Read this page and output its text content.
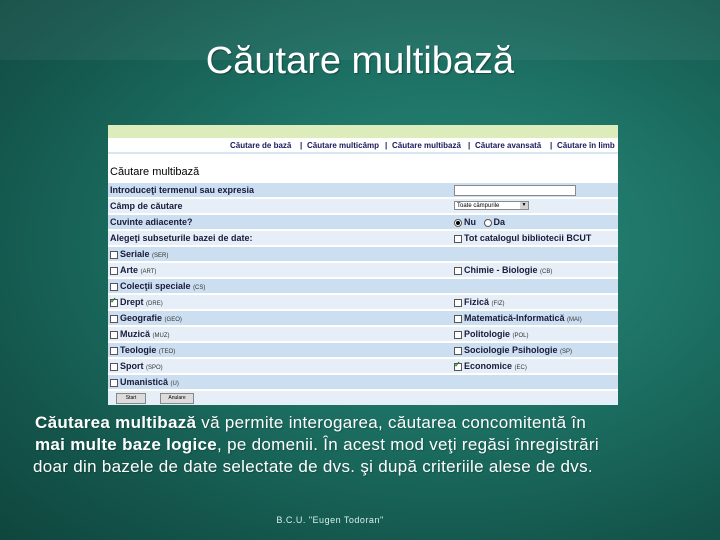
Căutare multibază
Căutare de bază | Căutare multicâmp | Căutare multibază | Căutare avansată | Căutare în limb
Căutare multibază
Introduceţi termenul sau expresia
Câmp de căutare	Toate câmpurile	▼
Cuvinte adiacente?	Nu Da
Alegeţi subseturile bazei de date:	Tot catalogul bibliotecii BCUT
Seriale (SER)
Arte (ART)	Chimie - Biologie (CB)
Colecţii speciale (CS)
✓Drept (DRE)	Fizică (FIZ)
Geografie (GEO)	Matematică-Informatică (MAI)
Muzică (MUZ)	Politologie (POL)
Teologie (TEO)	Sociologie Psihologie (SP)
Sport (SPO)
✓	Economice (EC)
Umanistică (U)
Start	Anulare
Căutarea multibază vă permite interogarea, căutarea concomitentă în
mai multe baze logice, pe domenii. În acest mod veţi regăsi înregistrări
doar din bazele de date selectate de dvs. şi după criteriile alese de dvs.
B.C.U. "Eugen Todoran"
